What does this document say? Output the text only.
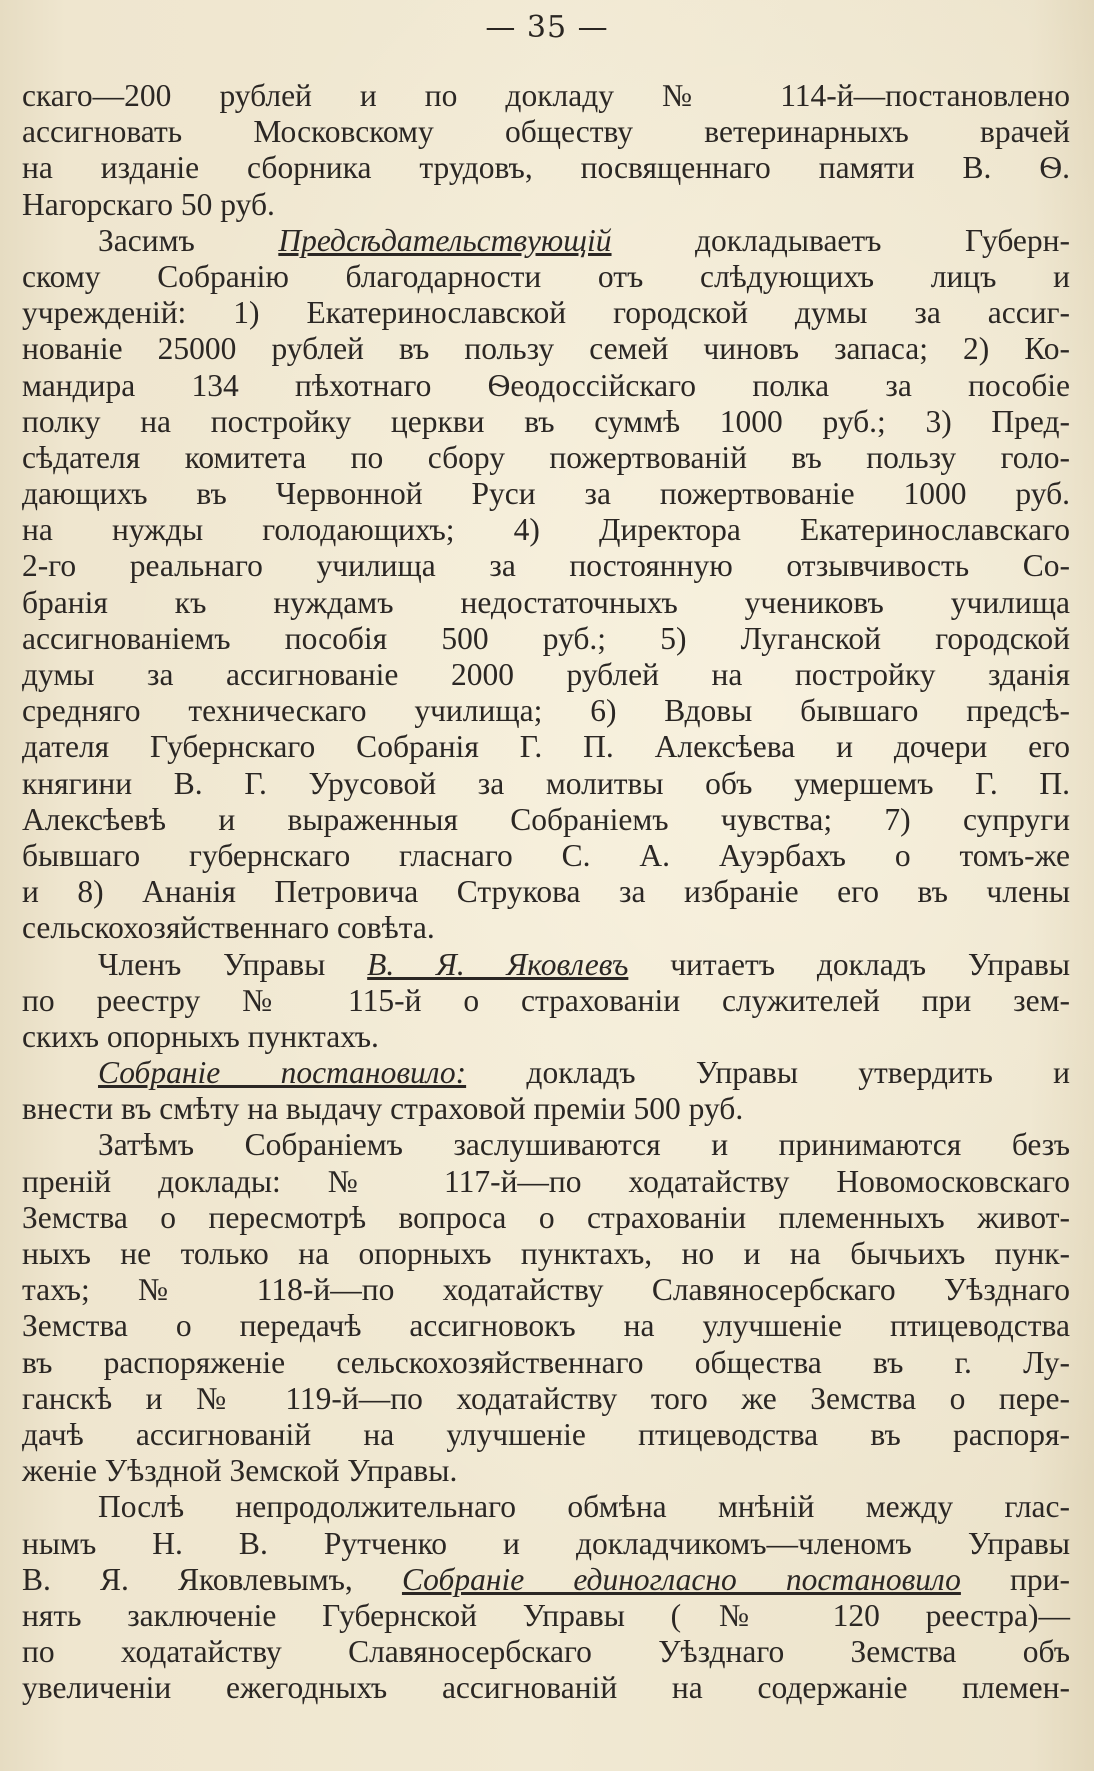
— 35 —
скаго—200 рублей и по докладу № 114-й—постановлено
ассигновать Московскому обществу ветеринарныхъ врачей
на изданіе сборника трудовъ, посвященнаго памяти В. Ѳ.
Нагорскаго 50 руб.
Засимъ Предсѣдательствующій докладываетъ Губерн-
скому Собранію благодарности отъ слѣдующихъ лицъ и
учрежденій: 1) Екатеринославской городской думы за ассиг-
нованіе 25000 рублей въ пользу семей чиновъ запаса; 2) Ко-
мандира 134 пѣхотнаго Ѳеодоссійскаго полка за пособіе
полку на постройку церкви въ суммѣ 1000 руб.; 3) Пред-
сѣдателя комитета по сбору пожертвованій въ пользу голо-
дающихъ въ Червонной Руси за пожертвованіе 1000 руб.
на нужды голодающихъ; 4) Директора Екатеринославскаго
2-го реальнаго училища за постоянную отзывчивость Со-
бранія къ нуждамъ недостаточныхъ учениковъ училища
ассигнованіемъ пособія 500 руб.; 5) Луганской городской
думы за ассигнованіе 2000 рублей на постройку зданія
средняго техническаго училища; 6) Вдовы бывшаго предсѣ-
дателя Губернскаго Собранія Г. П. Алексѣева и дочери его
княгини В. Г. Урусовой за молитвы объ умершемъ Г. П.
Алексѣевѣ и выраженныя Собраніемъ чувства; 7) супруги
бывшаго губернскаго гласнаго С. А. Ауэрбахъ о томъ-же
и 8) Ананія Петровича Струкова за избраніе его въ члены
сельскохозяйственнаго совѣта.
Членъ Управы В. Я. Яковлевъ читаетъ докладъ Управы
по реестру № 115-й о страхованіи служителей при зем-
скихъ опорныхъ пунктахъ.
Собраніе постановило: докладъ Управы утвердить и
внести въ смѣту на выдачу страховой преміи 500 руб.
Затѣмъ Собраніемъ заслушиваются и принимаются безъ
преній доклады: № 117-й—по ходатайству Новомосковскаго
Земства о пересмотрѣ вопроса о страхованіи племенныхъ живот-
ныхъ не только на опорныхъ пунктахъ, но и на бычьихъ пунк-
тахъ; № 118-й—по ходатайству Славяносербскаго Уѣзднаго
Земства о передачѣ ассигновокъ на улучшеніе птицеводства
въ распоряженіе сельскохозяйственнаго общества въ г. Лу-
ганскѣ и № 119-й—по ходатайству того же Земства о пере-
дачѣ ассигнованій на улучшеніе птицеводства въ распоря-
женіе Уѣздной Земской Управы.
Послѣ непродолжительнаго обмѣна мнѣній между глас-
нымъ Н. В. Рутченко и докладчикомъ—членомъ Управы
В. Я. Яковлевымъ, Собраніе единогласно постановило при-
нять заключеніе Губернской Управы (№ 120 реестра)—
по ходатайству Славяносербскаго Уѣзднаго Земства объ
увеличеніи ежегодныхъ ассигнованій на содержаніе племен-
